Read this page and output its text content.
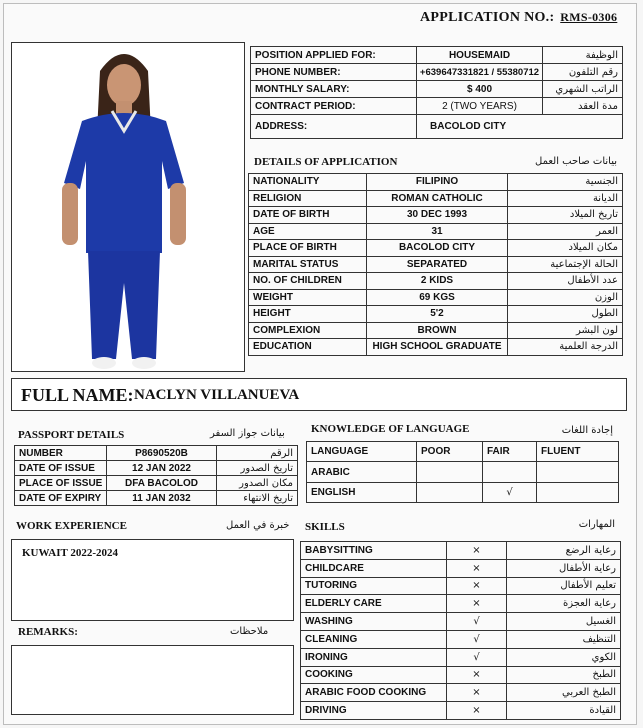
APPLICATION NO.: RMS-0306
POSITION APPLIED FOR:	HOUSEMAID	الوظيفة
PHONE NUMBER:	+639647331821 / 55380712	رقم التلفون
MONTHLY SALARY:	$ 400	الراتب الشهري
CONTRACT PERIOD:	2 (TWO YEARS)	مدة العقد
ADDRESS:	BACOLOD CITY	
DETAILS OF APPLICATION	بيانات صاحب العمل
NATIONALITY	FILIPINO	الجنسية
RELIGION	ROMAN CATHOLIC	الديانة
DATE OF BIRTH	30 DEC 1993	تاريخ الميلاد
AGE	31	العمر
PLACE OF BIRTH	BACOLOD CITY	مكان الميلاد
MARITAL STATUS	SEPARATED	الحالة الإجتماعية
NO. OF CHILDREN	2 KIDS	عدد الأطفال
WEIGHT	69 KGS	الوزن
HEIGHT	5'2	الطول
COMPLEXION	BROWN	لون البشر
EDUCATION	HIGH SCHOOL GRADUATE	الدرجة العلمية
FULL NAME: NACLYN VILLANUEVA
PASSPORT DETAILS	بيانات جواز السفر
NUMBER	P8690520B	الرقم
DATE OF ISSUE	12 JAN 2022	تاريخ الصدور
PLACE OF ISSUE	DFA BACOLOD	مكان الصدور
DATE OF EXPIRY	11 JAN 2032	تاريخ الانتهاء
KNOWLEDGE OF LANGUAGE	إجادة اللغات
LANGUAGE	POOR	FAIR	FLUENT
ARABIC			
ENGLISH		√	
WORK EXPERIENCE	خبرة في العمل
KUWAIT 2022-2024
REMARKS:	ملاحظات
SKILLS	المهارات
BABYSITTING	×	رعاية الرضع
CHILDCARE	×	رعاية الأطفال
TUTORING	×	تعليم الأطفال
ELDERLY CARE	×	رعاية العجزة
WASHING	√	الغسيل
CLEANING	√	التنظيف
IRONING	√	الكوي
COOKING	×	الطبخ
ARABIC FOOD COOKING	×	الطبخ العربي
DRIVING	×	القيادة
